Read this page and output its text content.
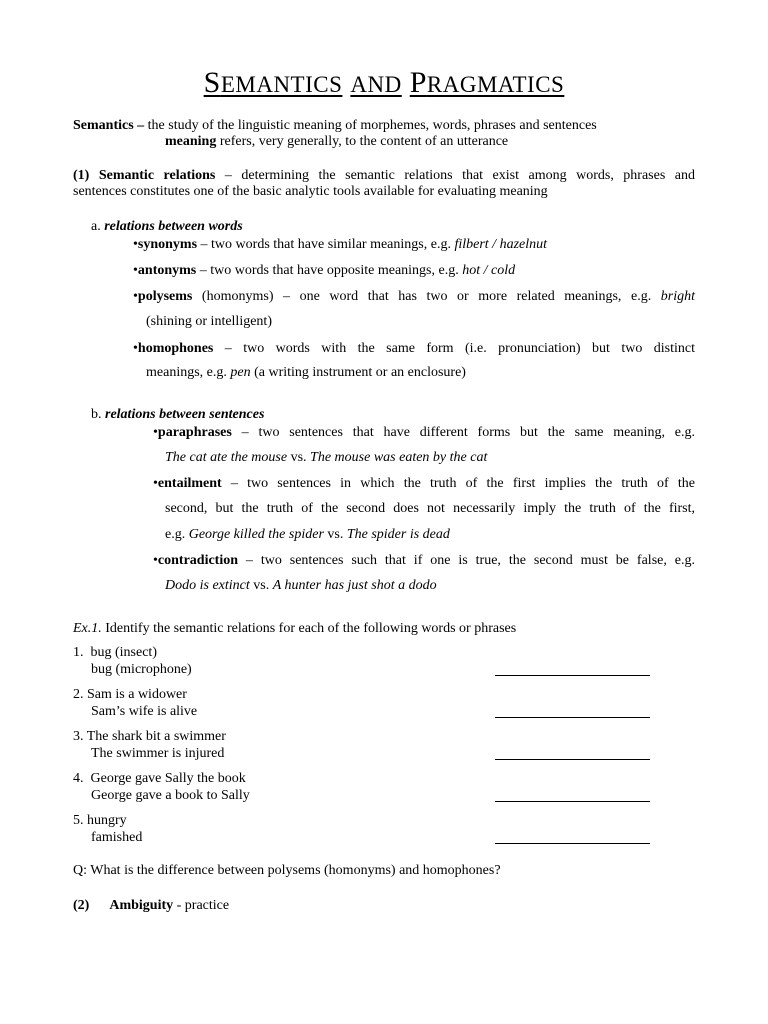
SEMANTICS AND PRAGMATICS
Semantics – the study of the linguistic meaning of morphemes, words, phrases and sentences
meaning refers, very generally, to the content of an utterance
(1) Semantic relations – determining the semantic relations that exist among words, phrases and
sentences constitutes one of the basic analytic tools available for evaluating meaning
a. relations between words
•synonyms – two words that have similar meanings, e.g. filbert / hazelnut
•antonyms – two words that have opposite meanings, e.g. hot / cold
•polysems (homonyms) – one word that has two or more related meanings, e.g. bright
(shining or intelligent)
•homophones – two words with the same form (i.e. pronunciation) but two distinct
meanings, e.g. pen (a writing instrument or an enclosure)
b. relations between sentences
•paraphrases – two sentences that have different forms but the same meaning, e.g.
The cat ate the mouse vs. The mouse was eaten by the cat
•entailment – two sentences in which the truth of the first implies the truth of the
second, but the truth of the second does not necessarily imply the truth of the first,
e.g. George killed the spider vs. The spider is dead
•contradiction – two sentences such that if one is true, the second must be false, e.g.
Dodo is extinct vs. A hunter has just shot a dodo
Ex.1. Identify the semantic relations for each of the following words or phrases
1. bug (insect)
bug (microphone)
2. Sam is a widower
Sam’s wife is alive
3. The shark bit a swimmer
The swimmer is injured
4. George gave Sally the book
George gave a book to Sally
5. hungry
famished
Q: What is the difference between polysems (homonyms) and homophones?
(2) Ambiguity - practice
